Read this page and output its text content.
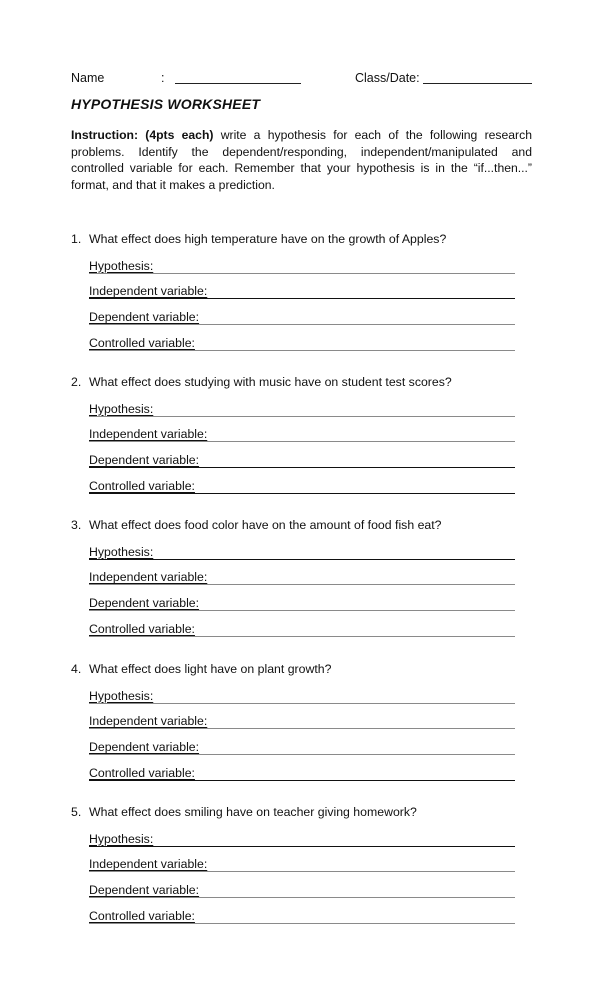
Name	:	Class/Date:
HYPOTHESIS WORKSHEET
Instruction: (4pts each) write a hypothesis for each of the following research problems. Identify the dependent/responding, independent/manipulated and controlled variable for each. Remember that your hypothesis is in the “if...then...” format, and that it makes a prediction.
1. What effect does high temperature have on the growth of Apples?
Hypothesis:
Independent variable:
Dependent variable:
Controlled variable:
2. What effect does studying with music have on student test scores?
Hypothesis:
Independent variable:
Dependent variable:
Controlled variable:
3. What effect does food color have on the amount of food fish eat?
Hypothesis:
Independent variable:
Dependent variable:
Controlled variable:
4. What effect does light have on plant growth?
Hypothesis:
Independent variable:
Dependent variable:
Controlled variable:
5. What effect does smiling have on teacher giving homework?
Hypothesis:
Independent variable:
Dependent variable:
Controlled variable:
